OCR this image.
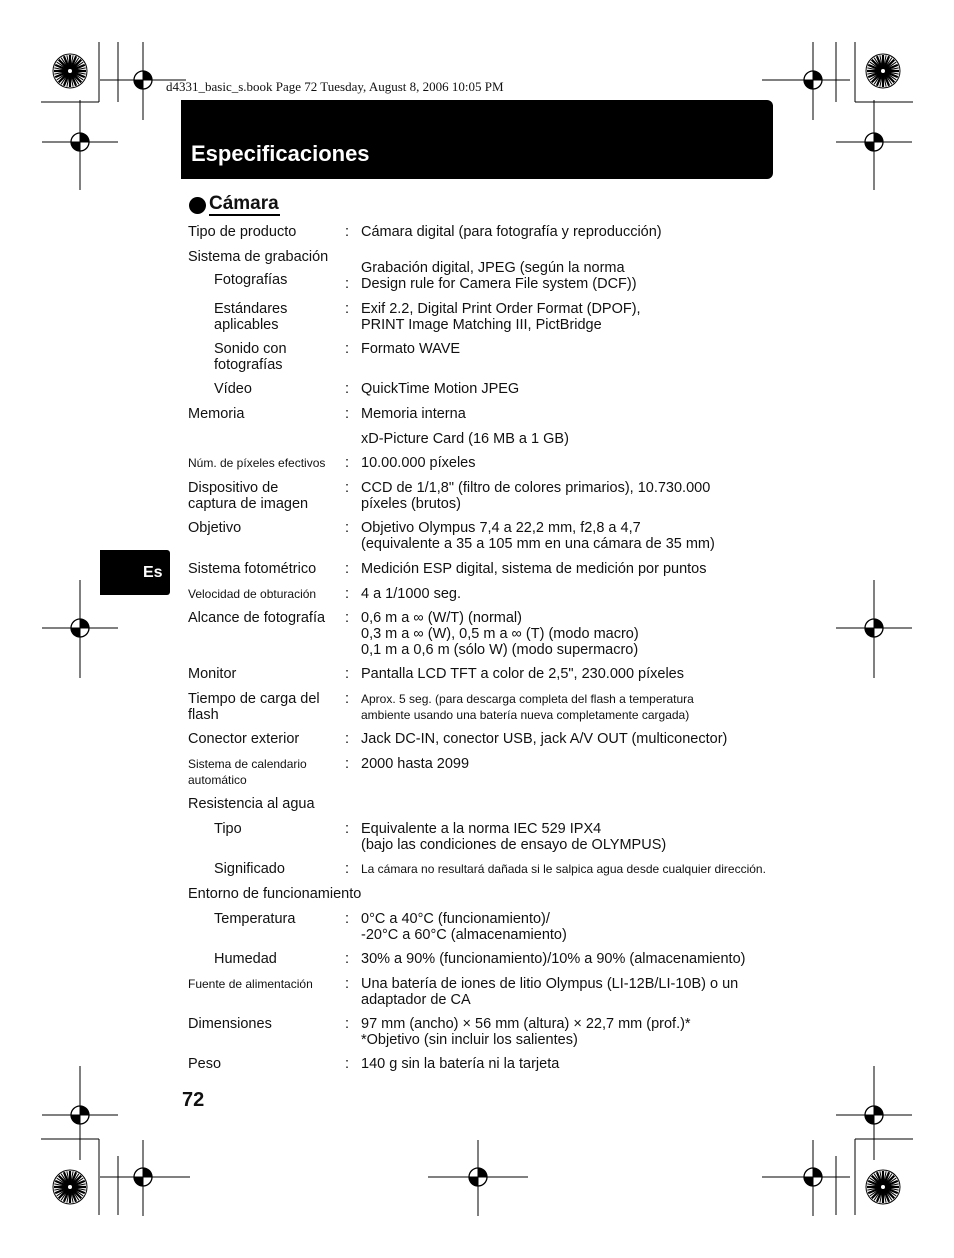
d4331_basic_s.book Page 72 Tuesday, August 8, 2006 10:05 PM
Especificaciones
Cámara
Es
Tipo de producto	: Cámara digital (para fotografía y reproducción)
Sistema de grabación
Fotografías	:
Grabación digital, JPEG (según la norma
Design rule for Camera File system (DCF))
Estándares
aplicables
: Exif 2.2, Digital Print Order Format (DPOF),
PRINT Image Matching III, PictBridge
Sonido con
fotografías
: Formato WAVE
Vídeo	: QuickTime Motion JPEG
Memoria	: Memoria interna
xD-Picture Card (16 MB a 1 GB)
Núm. de píxeles efectivos	: 10.00.000 píxeles
Dispositivo de
captura de imagen
: CCD de 1/1,8" (filtro de colores primarios), 10.730.000
píxeles (brutos)
Objetivo	: Objetivo Olympus 7,4 a 22,2 mm, f2,8 a 4,7
(equivalente a 35 a 105 mm en una cámara de 35 mm)
Sistema fotométrico	: Medición ESP digital, sistema de medición por puntos
Velocidad de obturación	: 4 a 1/1000 seg.
Alcance de fotografía	: 0,6 m a ∞ (W/T) (normal)
0,3 m a ∞ (W), 0,5 m a ∞ (T) (modo macro)
0,1 m a 0,6 m (sólo W) (modo supermacro)
Monitor	: Pantalla LCD TFT a color de 2,5", 230.000 píxeles
Tiempo de carga del
flash
: Aprox. 5 seg. (para descarga completa del flash a temperatura
ambiente usando una batería nueva completamente cargada)
Conector exterior	: Jack DC-IN, conector USB, jack A/V OUT (multiconector)
Sistema de calendario
automático
: 2000 hasta 2099
Resistencia al agua
Tipo	: Equivalente a la norma IEC 529 IPX4
(bajo las condiciones de ensayo de OLYMPUS)
Significado	: La cámara no resultará dañada si le salpica agua desde cualquier dirección.
Entorno de funcionamiento
Temperatura	: 0°C a 40°C (funcionamiento)/
-20°C a 60°C (almacenamiento)
Humedad	: 30% a 90% (funcionamiento)/10% a 90% (almacenamiento)
Fuente de alimentación	: Una batería de iones de litio Olympus (LI-12B/LI-10B) o un
adaptador de CA
Dimensiones	: 97 mm (ancho) × 56 mm (altura) × 22,7 mm (prof.)*
*Objetivo (sin incluir los salientes)
Peso	: 140 g sin la batería ni la tarjeta
72
